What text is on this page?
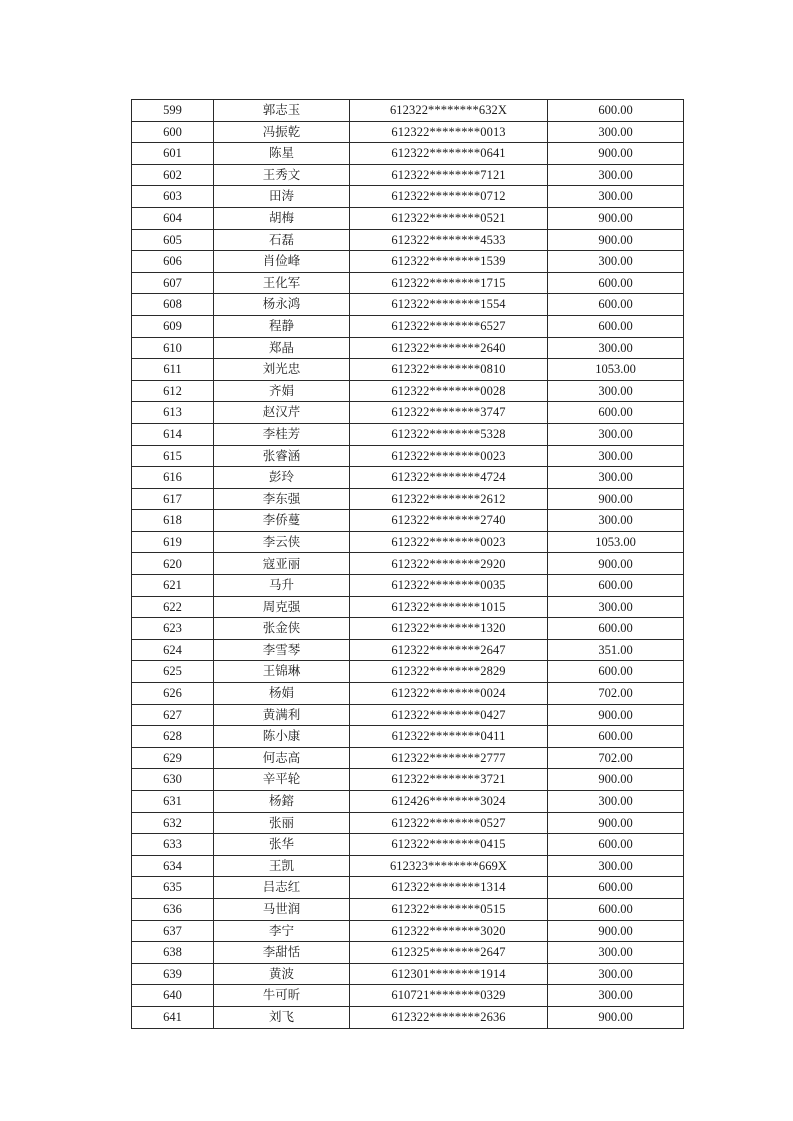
599	郭志玉	612322********632X	600.00
600	冯振乾	612322********0013	300.00
601	陈星	612322********0641	900.00
602	王秀文	612322********7121	300.00
603	田涛	612322********0712	300.00
604	胡梅	612322********0521	900.00
605	石磊	612322********4533	900.00
606	肖俭峰	612322********1539	300.00
607	王化军	612322********1715	600.00
608	杨永鸿	612322********1554	600.00
609	程静	612322********6527	600.00
610	郑晶	612322********2640	300.00
611	刘光忠	612322********0810	1053.00
612	齐娟	612322********0028	300.00
613	赵汉芹	612322********3747	600.00
614	李桂芳	612322********5328	300.00
615	张睿涵	612322********0023	300.00
616	彭玲	612322********4724	300.00
617	李东强	612322********2612	900.00
618	李侨蔓	612322********2740	300.00
619	李云侠	612322********0023	1053.00
620	寇亚丽	612322********2920	900.00
621	马升	612322********0035	600.00
622	周克强	612322********1015	300.00
623	张金侠	612322********1320	600.00
624	李雪琴	612322********2647	351.00
625	王锦琳	612322********2829	600.00
626	杨娟	612322********0024	702.00
627	黄满利	612322********0427	900.00
628	陈小康	612322********0411	600.00
629	何志高	612322********2777	702.00
630	辛平轮	612322********3721	900.00
631	杨鎔	612426********3024	300.00
632	张丽	612322********0527	900.00
633	张华	612322********0415	600.00
634	王凯	612323********669X	300.00
635	吕志红	612322********1314	600.00
636	马世润	612322********0515	600.00
637	李宁	612322********3020	900.00
638	李甜恬	612325********2647	300.00
639	黄波	612301********1914	300.00
640	牛可昕	610721********0329	300.00
641	刘飞	612322********2636	900.00
